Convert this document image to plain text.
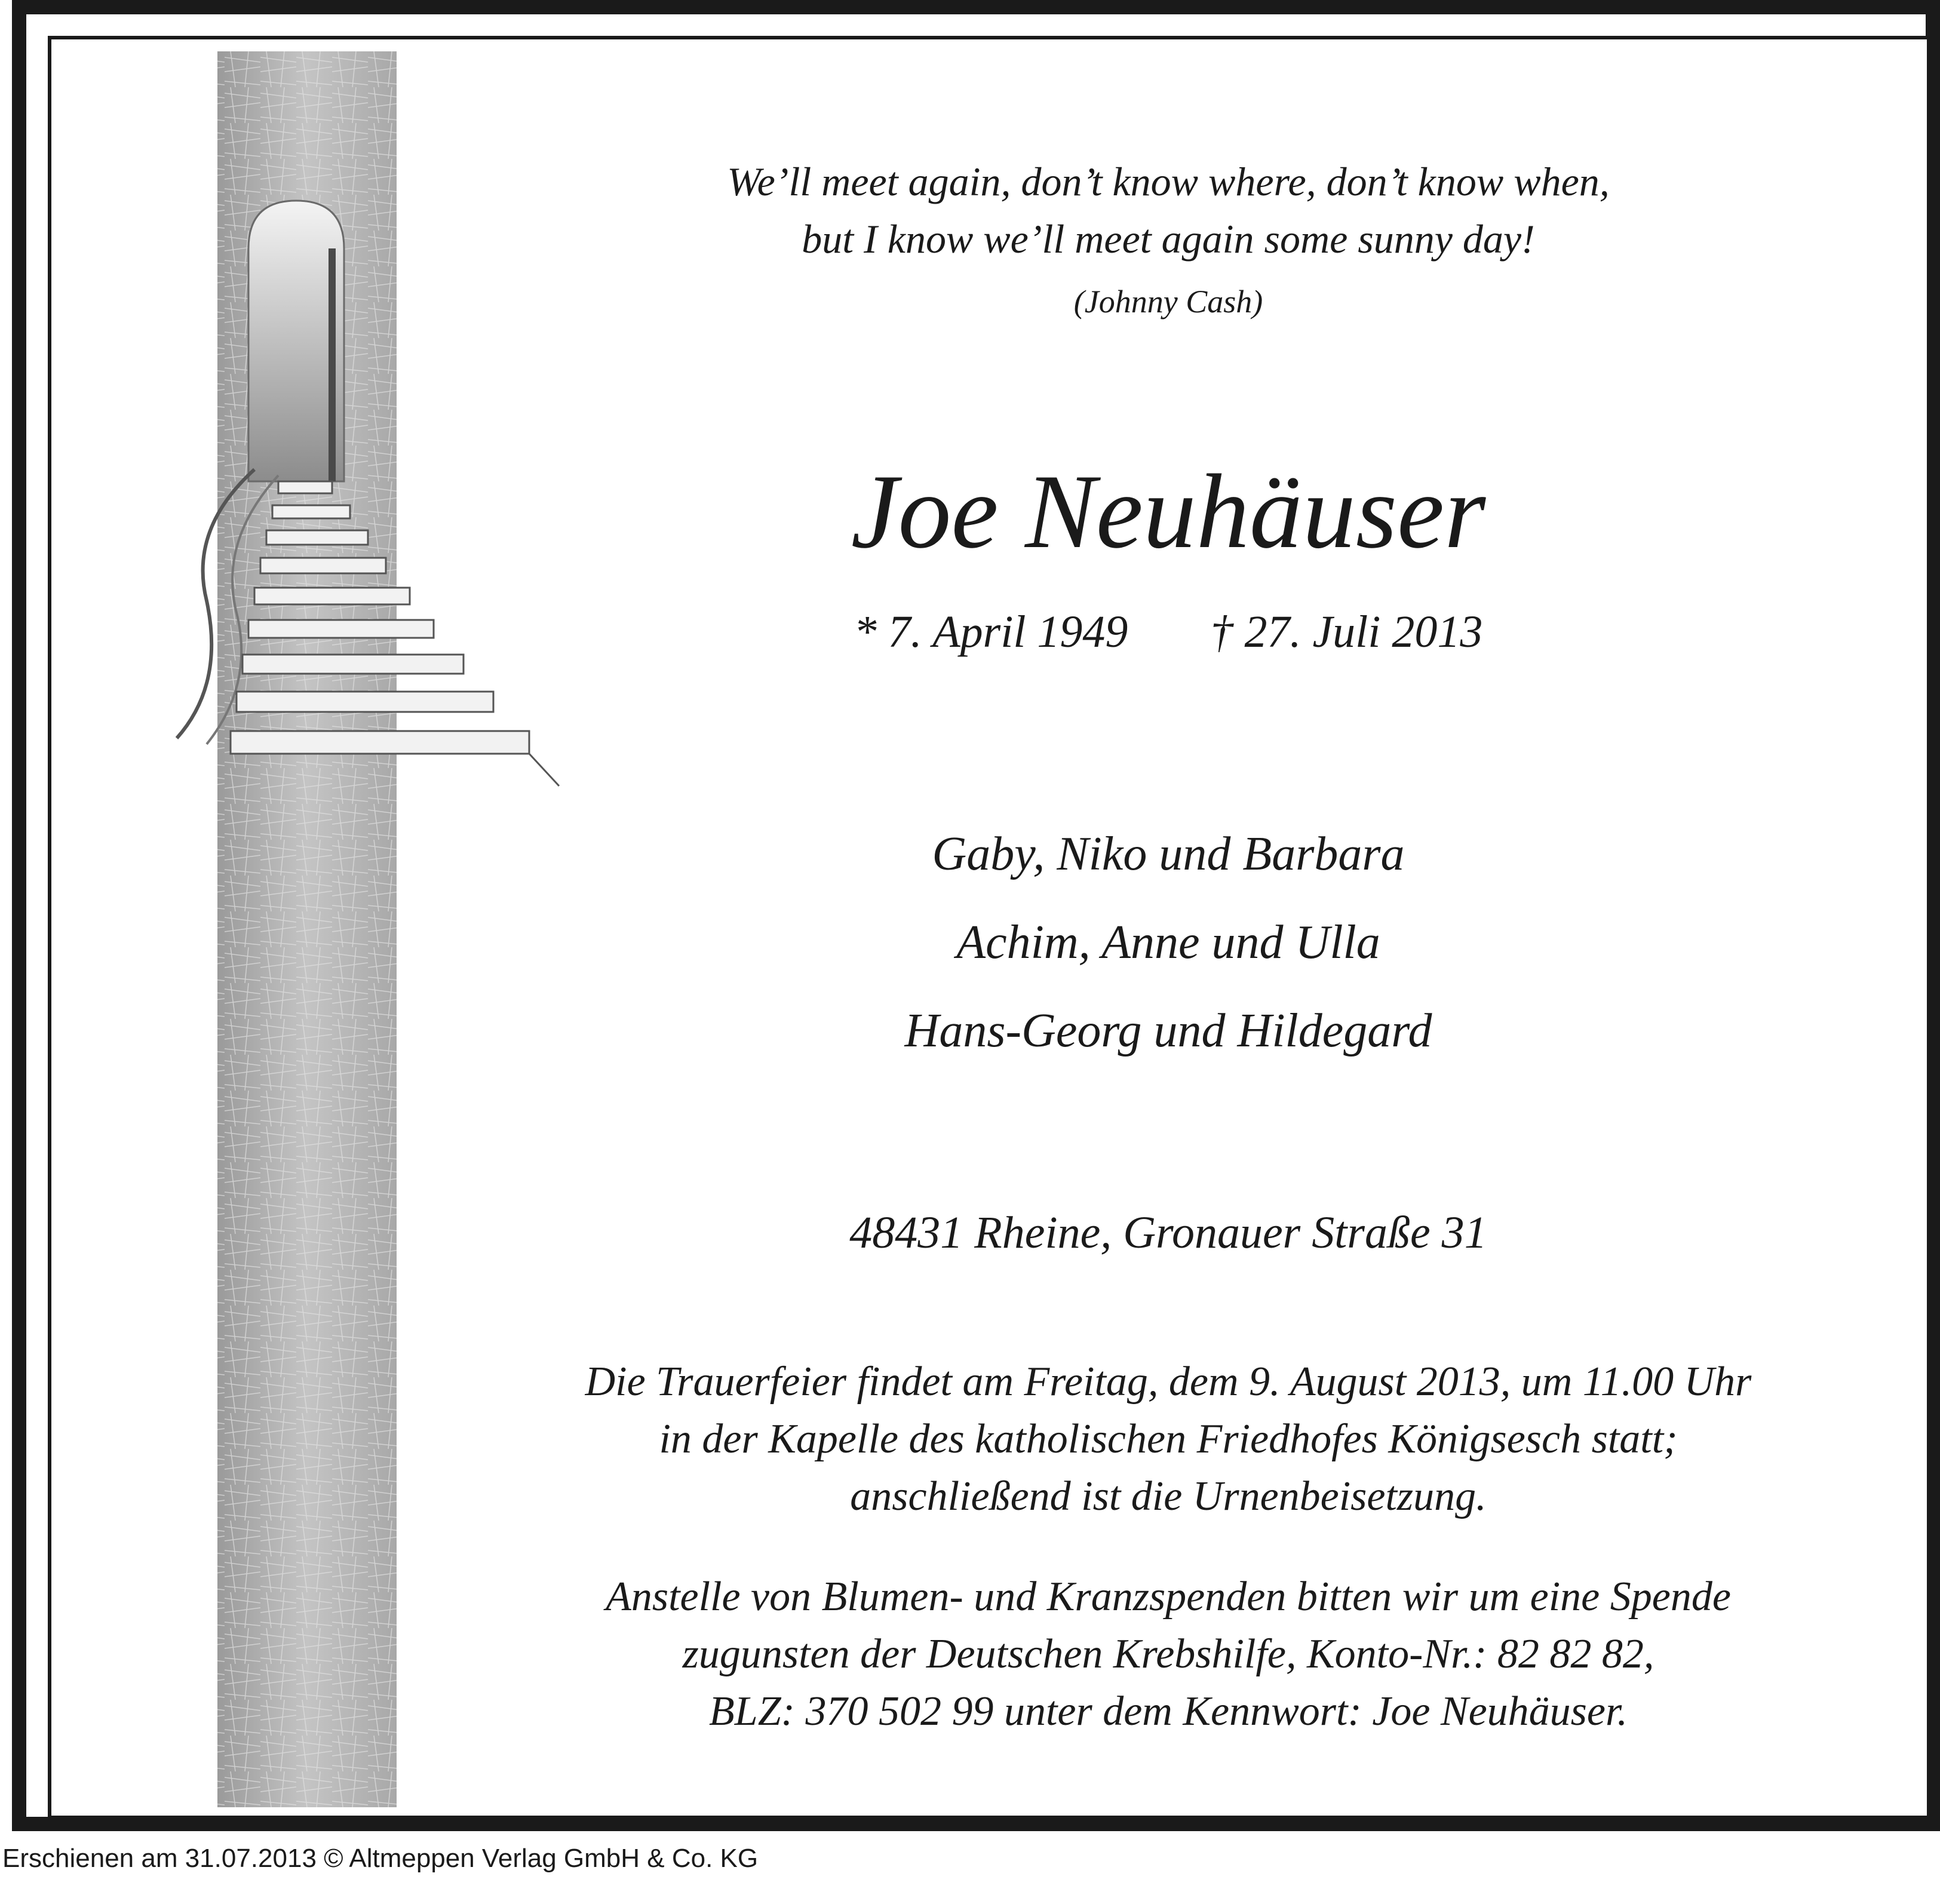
We’ll meet again, don’t know where, don’t know when,
but I know we’ll meet again some sunny day!
(Johnny Cash)
Joe Neuhäuser
* 7. April 1949 † 27. Juli 2013
Gaby, Niko und Barbara
Achim, Anne und Ulla
Hans-Georg und Hildegard
48431 Rheine, Gronauer Straße 31
Die Trauerfeier findet am Freitag, dem 9. August 2013, um 11.00 Uhr
in der Kapelle des katholischen Friedhofes Königsesch statt;
anschließend ist die Urnenbeisetzung.
Anstelle von Blumen- und Kranzspenden bitten wir um eine Spende
zugunsten der Deutschen Krebshilfe, Konto-Nr.: 82 82 82,
BLZ: 370 502 99 unter dem Kennwort: Joe Neuhäuser.
Erschienen am 31.07.2013 © Altmeppen Verlag GmbH & Co. KG
